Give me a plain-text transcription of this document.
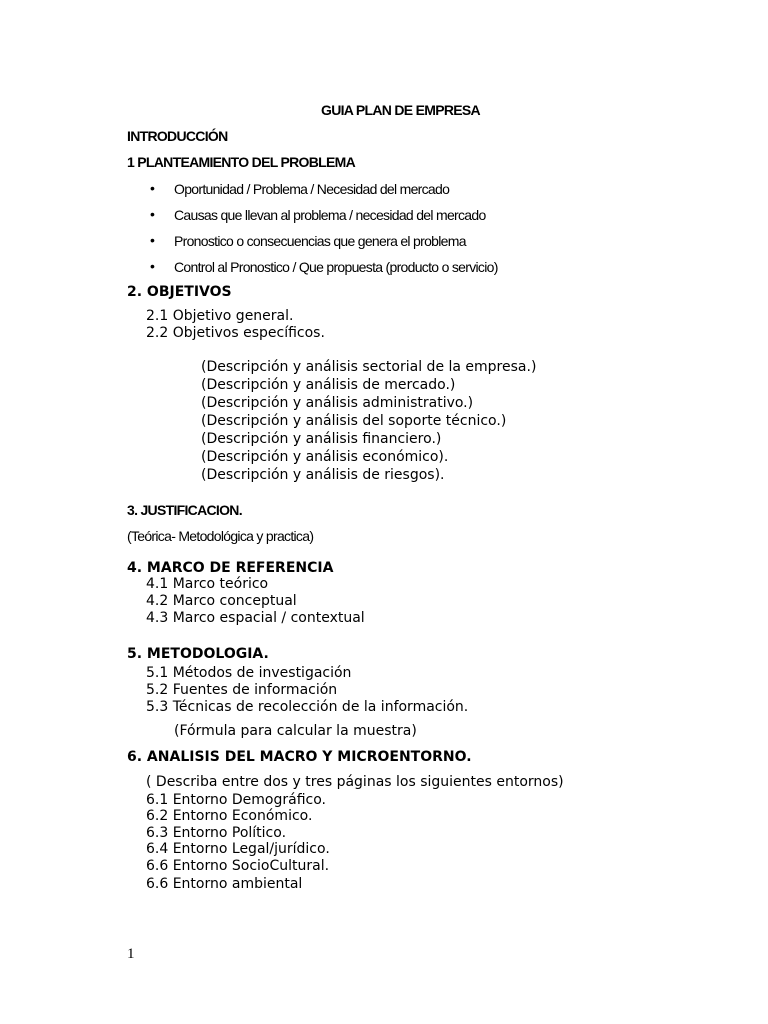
GUIA PLAN DE EMPRESA
INTRODUCCIÓN
1 PLANTEAMIENTO DEL PROBLEMA
• Oportunidad / Problema / Necesidad del mercado
• Causas que llevan al problema / necesidad del mercado
• Pronostico o consecuencias que genera el problema
• Control al Pronostico / Que propuesta (producto o servicio)
2. OBJETIVOS
2.1 Objetivo general.
2.2 Objetivos específicos.
(Descripción y análisis sectorial de la empresa.)
(Descripción y análisis de mercado.)
(Descripción y análisis administrativo.)
(Descripción y análisis del soporte técnico.)
(Descripción y análisis financiero.)
(Descripción y análisis económico).
(Descripción y análisis de riesgos).
3. JUSTIFICACION.
(Teórica- Metodológica y practica)
4. MARCO DE REFERENCIA
4.1 Marco teórico
4.2 Marco conceptual
4.3 Marco espacial / contextual
5. METODOLOGIA.
5.1 Métodos de investigación
5.2 Fuentes de información
5.3 Técnicas de recolección de la información.
(Fórmula para calcular la muestra)
6. ANALISIS DEL MACRO Y MICROENTORNO.
( Describa entre dos y tres páginas los siguientes entornos)
6.1 Entorno Demográfico.
6.2 Entorno Económico.
6.3 Entorno Político.
6.4 Entorno Legal/jurídico.
6.6 Entorno SocioCultural.
6.6 Entorno ambiental
1
